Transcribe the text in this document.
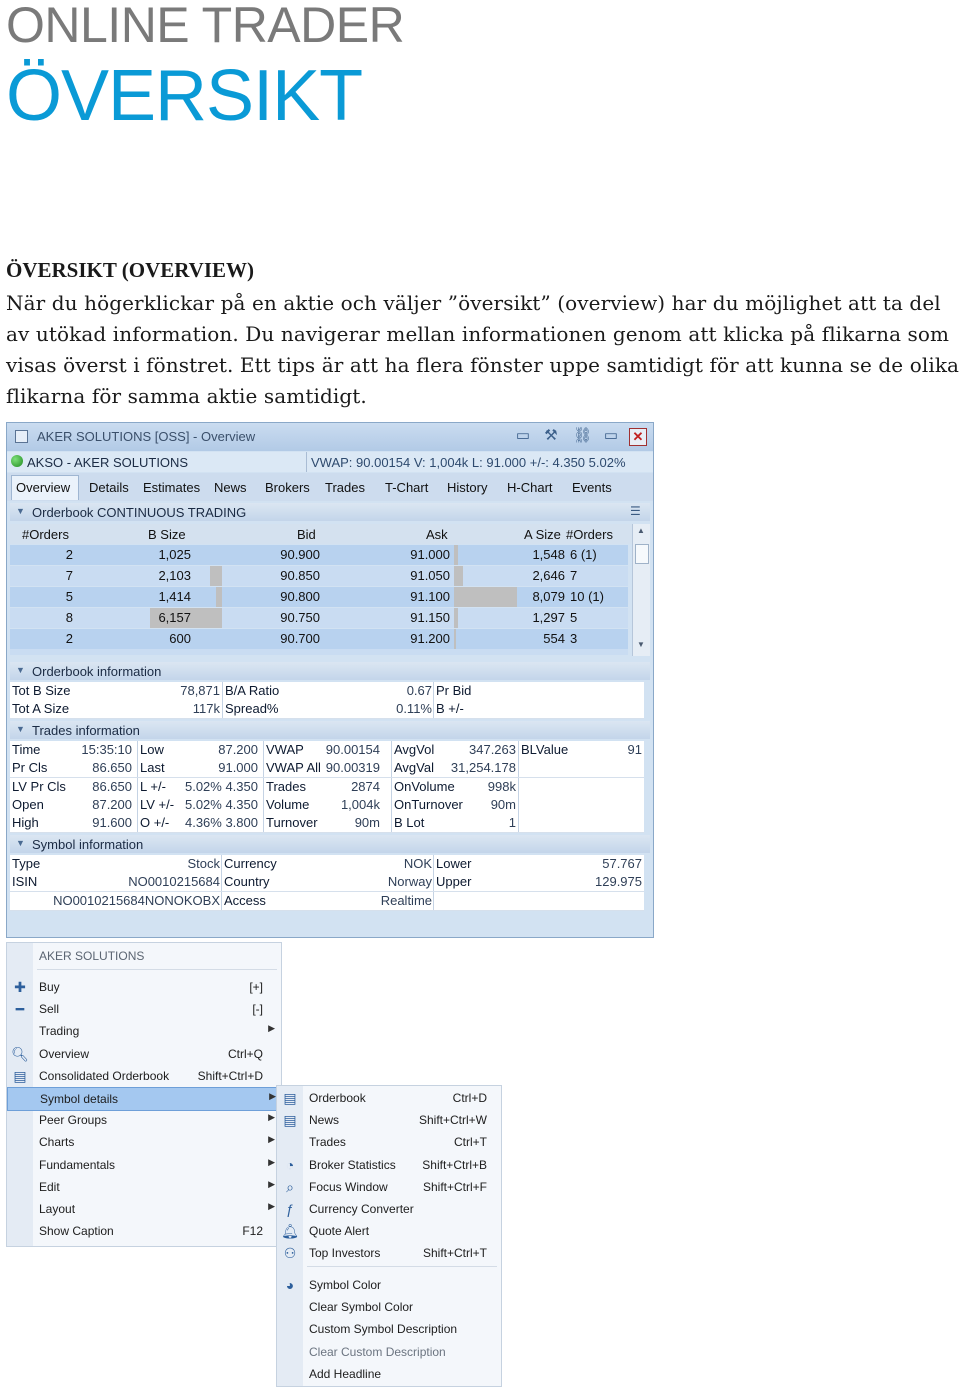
ONLINE TRADER
ÖVERSIKT
ÖVERSIKT (OVERVIEW)
När du högerklickar på en aktie och väljer ”översikt” (overview) har du möjlighet att ta del
av utökad information. Du navigerar mellan informationen genom att klicka på flikarna som
visas överst i fönstret. Ett tips är att ha flera fönster uppe samtidigt för att kunna se de olika
flikarna för samma aktie samtidigt.
AKER SOLUTIONS [OSS] - Overview	▭ ⚒ ⛓ ▭ ✕
AKSO - AKER SOLUTIONS	VWAP: 90.00154 V: 1,004k L: 91.000 +/-: 4.350 5.02%
Overview Details Estimates News Brokers Trades T-Chart History H-Chart Events
▼ Orderbook CONTINUOUS TRADING	☰
#Orders	B Size	Bid	Ask	A Size #Orders
2	1,025	90.900	91.000	1,548 6 (1)
7	2,103	90.850	91.050	2,646 7
5	1,414	90.800	91.100	8,079 10 (1)
8	6,157	90.750	91.150	1,297 5
2	600	90.700	91.200	554 3
▲
▼
▼ Orderbook information
Tot B Size	78,871 B/A Ratio	0.67 Pr Bid
Tot A Size	117k Spread%	0.11% B +/-
▼ Trades information
Time	15:35:10 Low	87.200 VWAP 90.00154 AvgVol	347.263 BLValue	91
Pr Cls	86.650 Last	91.000 VWAP All 90.00319 AvgVal 31,254.178
LV Pr Cls 86.650 L +/- 5.02% 4.350 Trades	2874 OnVolume	998k
Open	87.200 LV +/- 5.02% 4.350 Volume 1,004k OnTurnover 90m
High	91.600 O +/- 4.36% 3.800 Turnover	90m B Lot	1
▼ Symbol information
Type	Stock Currency	NOK Lower	57.767
ISIN	NO0010215684 Country	Norway Upper	129.975
NO0010215684NONOKOBX Access	Realtime
AKER SOLUTIONS
✚ Buy	[+]
━	Sell	[-]
Trading	▶
🔍︎ Overview	Ctrl+Q
▤ Consolidated Orderbook Shift+Ctrl+D
Symbol details	▶
Peer Groups	▶
Charts	▶
Fundamentals	▶
Edit	▶
Layout	▶
Show Caption	F12
▤ Orderbook	Ctrl+D
▤ News	Shift+Ctrl+W
Trades	Ctrl+T
◔	Broker Statistics Shift+Ctrl+B
⌕	Focus Window	Shift+Ctrl+F
ƒ	Currency Converter
🔔︎ Quote Alert
⚇ Top Investors	Shift+Ctrl+T
◕	Symbol Color
Clear Symbol Color
Custom Symbol Description
Clear Custom Description
Add Headline
